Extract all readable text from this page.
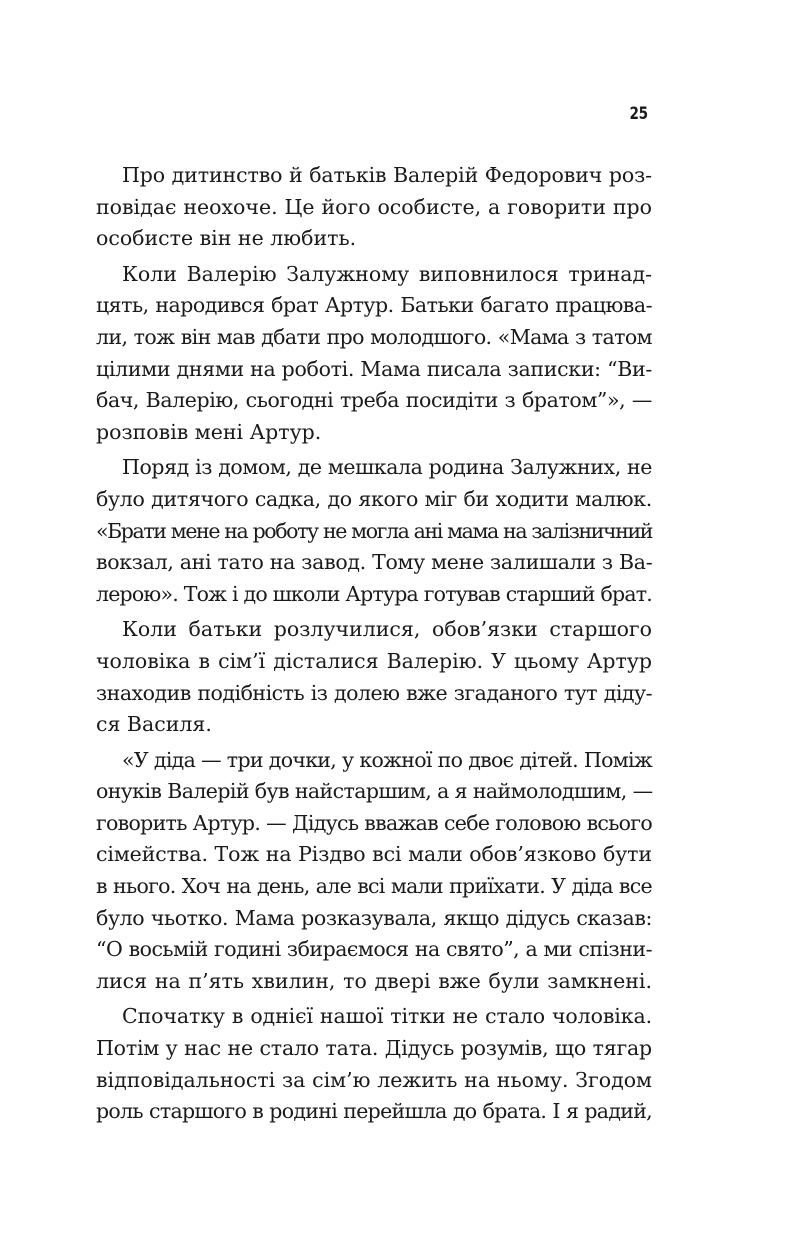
25
Про дитинство й батьків Валерій Федорович роз-
повідає неохоче. Це його особисте, а говорити про
особисте він не любить.
Коли Валерію Залужному виповнилося тринад-
цять, народився брат Артур. Батьки багато працюва-
ли, тож він мав дбати про молодшого. «Мама з татом
цілими днями на роботі. Мама писала записки: “Ви-
бач, Валерію, сьогодні треба посидіти з братом”», —
розповів мені Артур.
Поряд із домом, де мешкала родина Залужних, не
було дитячого садка, до якого міг би ходити малюк.
«Брати мене на роботу не могла ані мама на залізничний
вокзал, ані тато на завод. Тому мене залишали з Ва-
лерою». Тож і до школи Артура готував старший брат.
Коли батьки розлучилися, обов’язки старшого
чоловіка в сім’ї дісталися Валерію. У цьому Артур
знаходив подібність із долею вже згаданого тут діду-
ся Василя.
«У діда — три дочки, у кожної по двоє дітей. Поміж
онуків Валерій був найстаршим, а я наймолодшим, —
говорить Артур. — Дідусь вважав себе головою всього
сімейства. Тож на Різдво всі мали обов’язково бути
в нього. Хоч на день, але всі мали приїхати. У діда все
було чьотко. Мама розказувала, якщо дідусь сказав:
“О восьмій годині збираємося на свято”, а ми спізни-
лися на п’ять хвилин, то двері вже були замкнені.
Спочатку в однієї нашої тітки не стало чоловіка.
Потім у нас не стало тата. Дідусь розумів, що тягар
відповідальності за сім’ю лежить на ньому. Згодом
роль старшого в родині перейшла до брата. І я радий,
